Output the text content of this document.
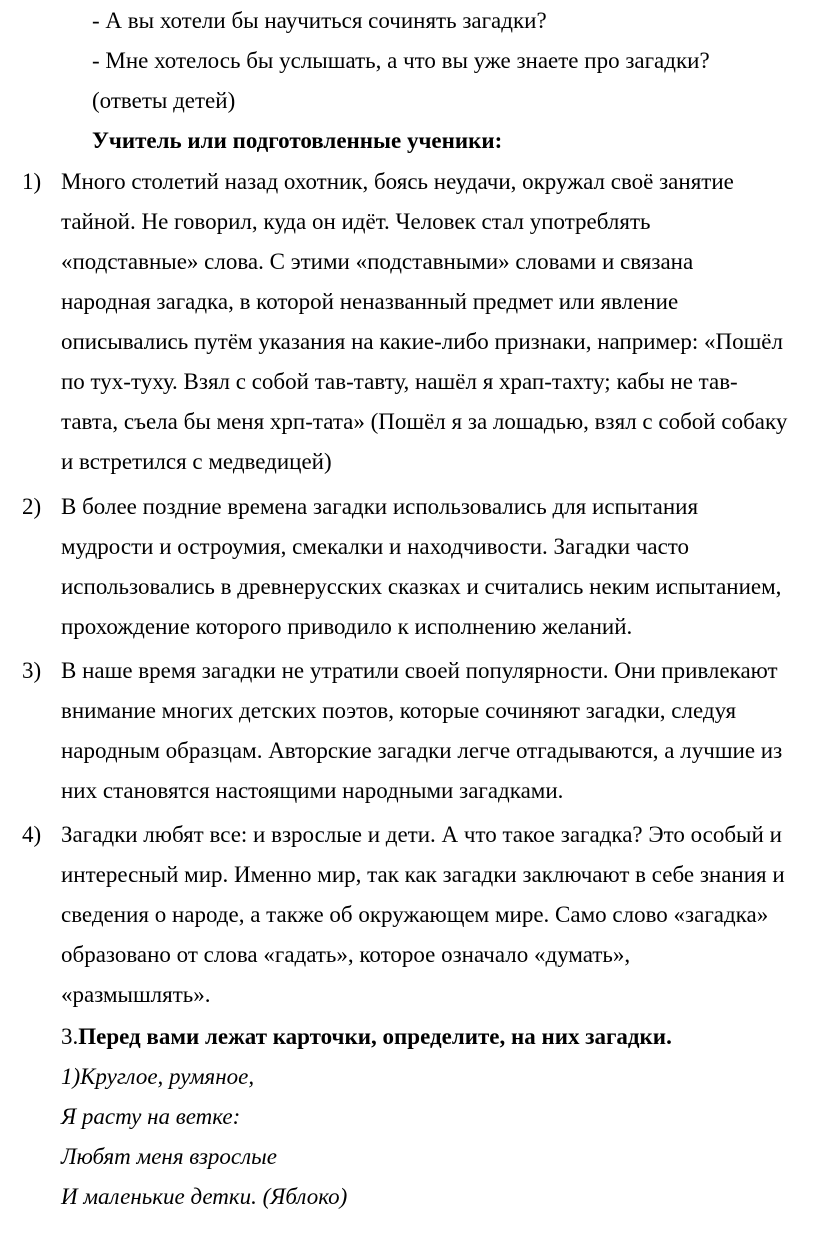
- А вы хотели бы научиться сочинять загадки?
- Мне хотелось бы услышать, а что вы уже знаете про загадки?
(ответы детей)
Учитель или подготовленные ученики:
1) Много столетий назад охотник, боясь неудачи, окружал своё занятие
тайной. Не говорил, куда он идёт. Человек стал употреблять
«подставные» слова. С этими «подставными» словами и связана
народная загадка, в которой неназванный предмет или явление
описывались путём указания на какие-либо признаки, например: «Пошёл
по тух-туху. Взял с собой тав-тавту, нашёл я храп-тахту; кабы не тав-
тавта, съела бы меня хрп-тата» (Пошёл я за лошадью, взял с собой собаку
и встретился с медведицей)
2) В более поздние времена загадки использовались для испытания
мудрости и остроумия, смекалки и находчивости. Загадки часто
использовались в древнерусских сказках и считались неким испытанием,
прохождение которого приводило к исполнению желаний.
3) В наше время загадки не утратили своей популярности. Они привлекают
внимание многих детских поэтов, которые сочиняют загадки, следуя
народным образцам. Авторские загадки легче отгадываются, а лучшие из
них становятся настоящими народными загадками.
4) Загадки любят все: и взрослые и дети. А что такое загадка? Это особый и
интересный мир. Именно мир, так как загадки заключают в себе знания и
сведения о народе, а также об окружающем мире. Само слово «загадка»
образовано от слова «гадать», которое означало «думать»,
«размышлять».
3.Перед вами лежат карточки, определите, на них загадки.
1)Круглое, румяное,
Я расту на ветке:
Любят меня взрослые
И маленькие детки. (Яблоко)
